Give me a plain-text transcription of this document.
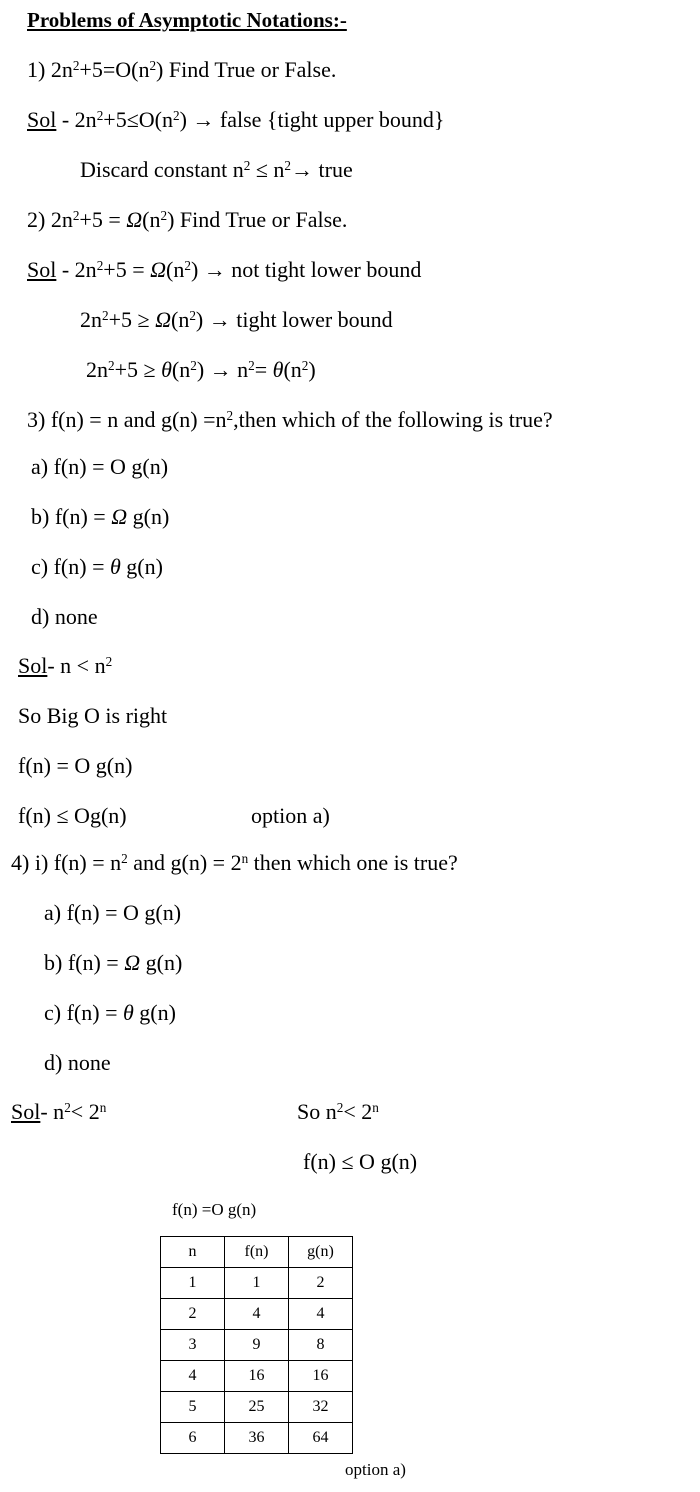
Problems of Asymptotic Notations:-
1) $2n^2+5=O(n^2)$ Find True or False.
Sol - $2n^2+5\le O(n^2)$ → false {tight upper bound}
Discard constant $n^2 \le n^2\to$ true
2) $2n^2+5 = \Omega(n^2)$ Find True or False.
Sol - $2n^2+5 = \Omega(n^2)$ → not tight lower bound
$2n^2+5 \ge \Omega(n^2)$ → tight lower bound
$2n^2+5 \ge \theta(n^2) \to n^2= \theta(n^2)$
3) f(n) = n and $g(n) =n^2,then$ which of the following is true?
a) f(n) = O g(n)
b) f(n) = Ω g(n)
c) f(n) = θ g(n)
d) none
Sol- $n < n^2$
So Big O is right
f(n) = O g(n)
f(n) ≤ Og(n)	option a)
4) i) $f(n) = n^2$ and $g(n) = 2^n$ then which one is true?
a) f(n) = O g(n)
b) f(n) = Ω g(n)
c) f(n) = θ g(n)
d) none
Sol- $n^2< 2^n$	So $n^2< 2^n$
f(n) ≤ O g(n)
f(n) =O g(n)
n	f(n)	g(n)
1	1	2
2	4	4
3	9	8
4	16	16
5	25	32
6	36	64
option a)
